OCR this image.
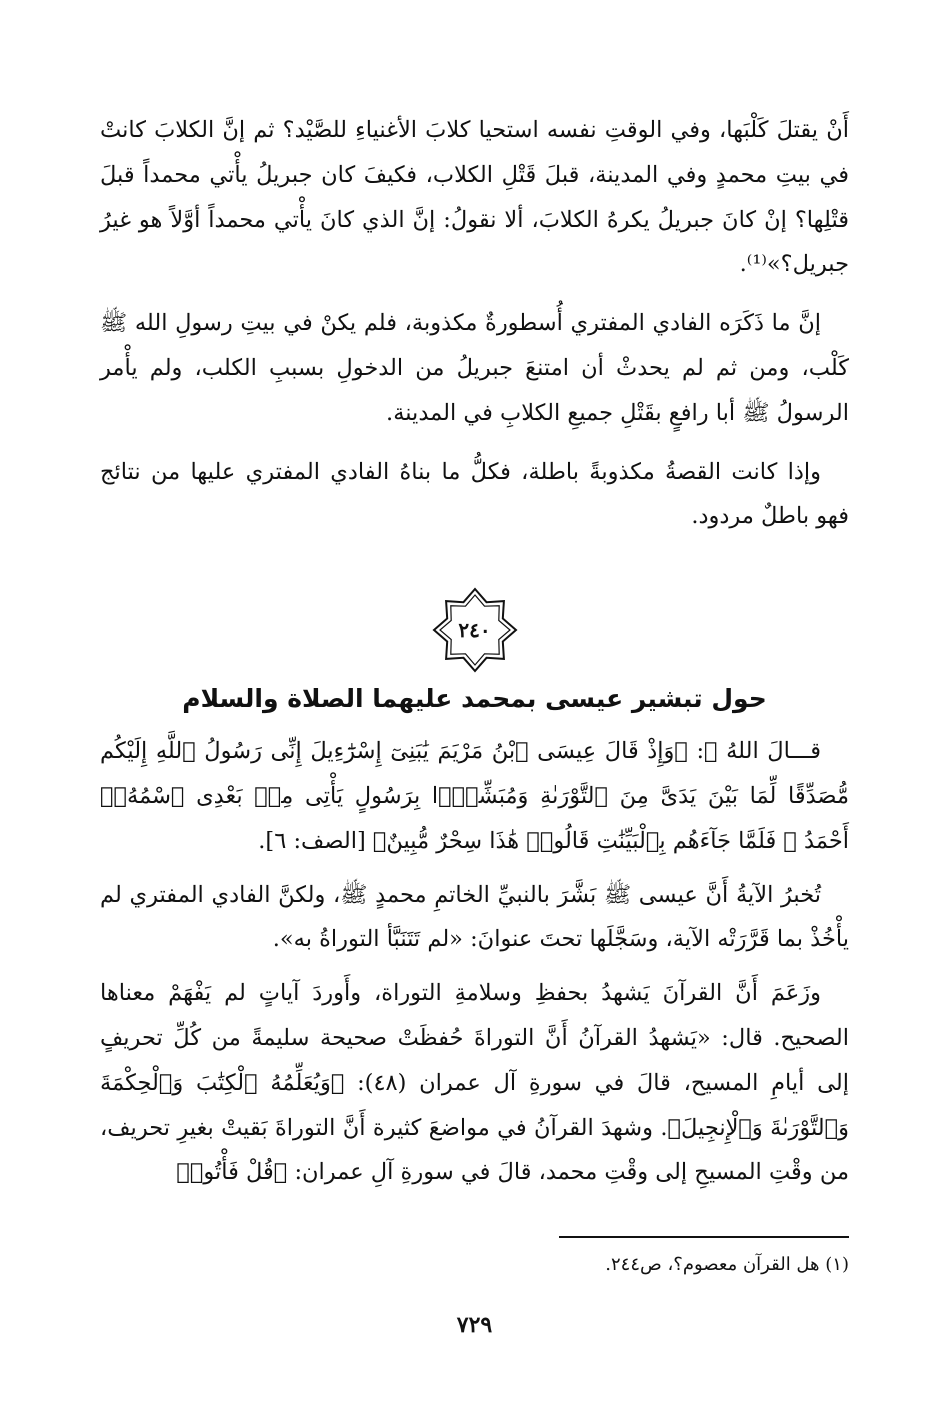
أَنْ يقتلَ كَلْبَها، وفي الوقتِ نفسه استحيا كلابَ الأغنياءِ للصَّيْد؟ ثم إنَّ الكلابَ كانتْ في بيتِ محمدٍ وفي المدينة، قبلَ قَتْلِ الكلاب، فكيفَ كان جبريلُ يأْتي محمداً قبلَ قتْلِها؟ إنْ كانَ جبريلُ يكرهُ الكلابَ، ألا نقولُ: إنَّ الذي كانَ يأْتي محمداً أوَّلاً هو غيرُ جبريل؟»⁽¹⁾.

إنَّ ما ذَكَرَه الفادي المفتري أُسطورةٌ مكذوبة، فلم يكنْ في بيتِ رسولِ الله ﷺ كَلْب، ومن ثم لم يحدثْ أن امتنعَ جبريلُ من الدخولِ بسببِ الكلب، ولم يأْمر الرسولُ ﷺ أبا رافعٍ بقَتْلِ جميعِ الكلابِ في المدينة.

وإذا كانت القصةُ مكذوبةً باطلة، فكلُّ ما بناهُ الفادي المفتري عليها من نتائج فهو باطلٌ مردود.

٢٤٠
حول تبشير عيسى بمحمد عليهما الصلاة والسلام

قـــالَ اللهُ ﷻ: ﴿وَإِذْ قَالَ عِيسَى ٱبْنُ مَرْيَمَ يَٰبَنِىٓ إِسْرَٰٓءِيلَ إِنِّى رَسُولُ ٱللَّهِ إِلَيْكُم مُّصَدِّقًا لِّمَا بَيْنَ يَدَىَّ مِنَ ٱلتَّوْرَىٰةِ وَمُبَشِّرًۢا بِرَسُولٍ يَأْتِى مِنۢ بَعْدِى ٱسْمُهُۥٓ أَحْمَدُ ۖ فَلَمَّا جَآءَهُم بِٱلْبَيِّنَٰتِ قَالُوا۟ هَٰذَا سِحْرٌ مُّبِينٌ﴾ [الصف: ٦].

تُخبرُ الآيةُ أَنَّ عيسى ﷺ بَشَّرَ بالنبيِّ الخاتمِ محمدٍ ﷺ، ولكنَّ الفادي المفتري لم يأْخُذْ بما قَرَّرَتْه الآية، وسَجَّلَها تحتَ عنوانَ: «لم تَتَنَبَّأ التوراةُ به».

وزَعَمَ أَنَّ القرآنَ يَشهدُ بحفظِ وسلامةِ التوراة، وأَوردَ آياتٍ لم يَفْهَمْ معناها الصحيح. قال: «يَشهدُ القرآنُ أَنَّ التوراةَ حُفظَتْ صحيحة سليمةً من كُلِّ تحريفٍ إلى أيامِ المسيح، قالَ في سورةِ آل عمران (٤٨): ﴿وَيُعَلِّمُهُ ٱلْكِتَٰبَ وَٱلْحِكْمَةَ وَٱلتَّوْرَىٰةَ وَٱلْإِنجِيلَ﴾. وشهدَ القرآنُ في مواضعَ كثيرة أَنَّ التوراةَ بَقيتْ بغيرِ تحريف، من وقْتِ المسيحِ إلى وقْتِ محمد، قالَ في سورةِ آلِ عمران: ﴿قُلْ فَأْتُوا۟

(١) هل القرآن معصوم؟، ص٢٤٤.
٧٢٩
